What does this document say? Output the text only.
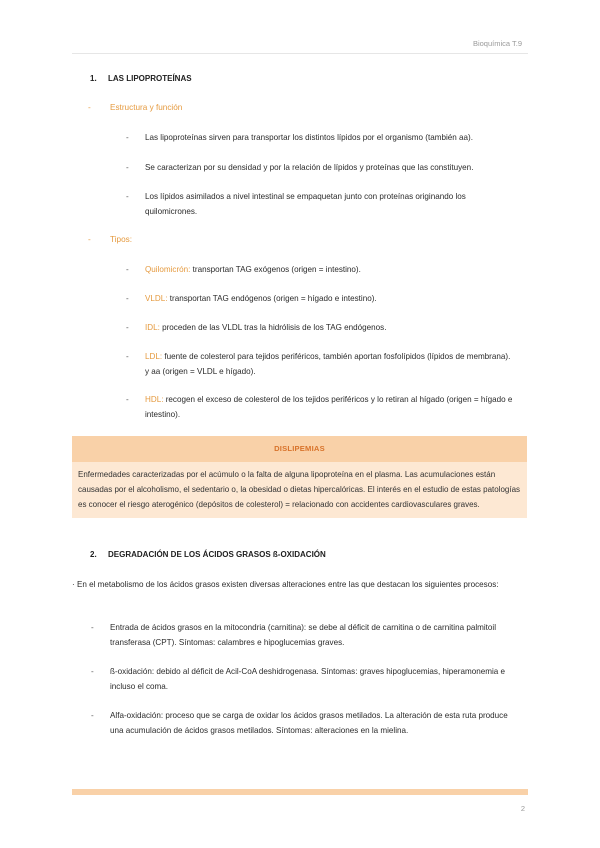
Bioquímica T.9
1. LAS LIPOPROTEÍNAS
- Estructura y función
- Las lipoproteínas sirven para transportar los distintos lípidos por el organismo (también aa).
- Se caracterizan por su densidad y por la relación de lípidos y proteínas que las constituyen.
- Los lípidos asimilados a nivel intestinal se empaquetan junto con proteínas originando los quilomicrones.
- Tipos:
- Quilomicrón: transportan TAG exógenos (origen = intestino).
- VLDL: transportan TAG endógenos (origen = hígado e intestino).
- IDL: proceden de las VLDL tras la hidrólisis de los TAG endógenos.
- LDL: fuente de colesterol para tejidos periféricos, también aportan fosfolípidos (lípidos de membrana). y aa (origen = VLDL e hígado).
- HDL: recogen el exceso de colesterol de los tejidos periféricos y lo retiran al hígado (origen = hígado e intestino).
DISLIPEMIAS
Enfermedades caracterizadas por el acúmulo o la falta de alguna lipoproteína en el plasma. Las acumulaciones están causadas por el alcoholismo, el sedentario o, la obesidad o dietas hipercalóricas. El interés en el estudio de estas patologías es conocer el riesgo aterogénico (depósitos de colesterol) = relacionado con accidentes cardiovasculares graves.
2. DEGRADACIÓN DE LOS ÁCIDOS GRASOS ß-OXIDACIÓN
· En el metabolismo de los ácidos grasos existen diversas alteraciones entre las que destacan los siguientes procesos:
- Entrada de ácidos grasos en la mitocondria (carnitina): se debe al déficit de carnitina o de carnitina palmitoil transferasa (CPT). Síntomas: calambres e hipoglucemias graves.
- ß-oxidación: debido al déficit de Acil-CoA deshidrogenasa. Síntomas: graves hipoglucemias, hiperamonemia e incluso el coma.
- Alfa-oxidación: proceso que se carga de oxidar los ácidos grasos metilados. La alteración de esta ruta produce una acumulación de ácidos grasos metilados. Síntomas: alteraciones en la mielina.
2
